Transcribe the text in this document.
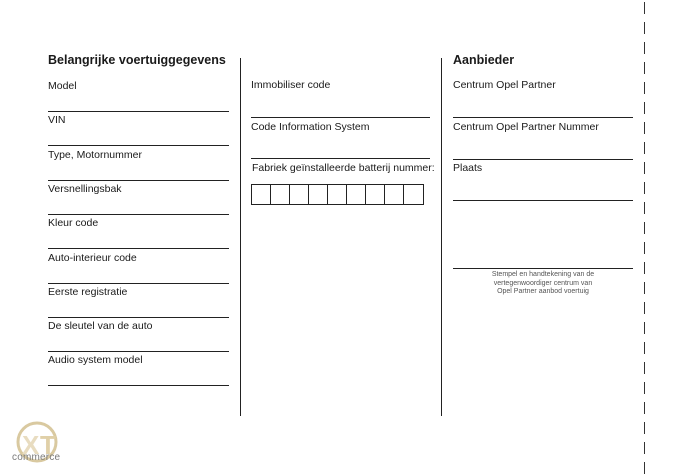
Belangrijke voertuiggegevens
Model
VIN
Type, Motornummer
Versnellingsbak
Kleur code
Auto-interieur code
Eerste registratie
De sleutel van de auto
Audio system model
Immobiliser code
Code Information System
Fabriek geïnstalleerde batterij nummer:
Aanbieder
Centrum Opel Partner
Centrum Opel Partner Nummer
Plaats
Stempel en handtekening van de
vertegenwoordiger centrum van
Opel Partner aanbod voertuig
X T
commerce
